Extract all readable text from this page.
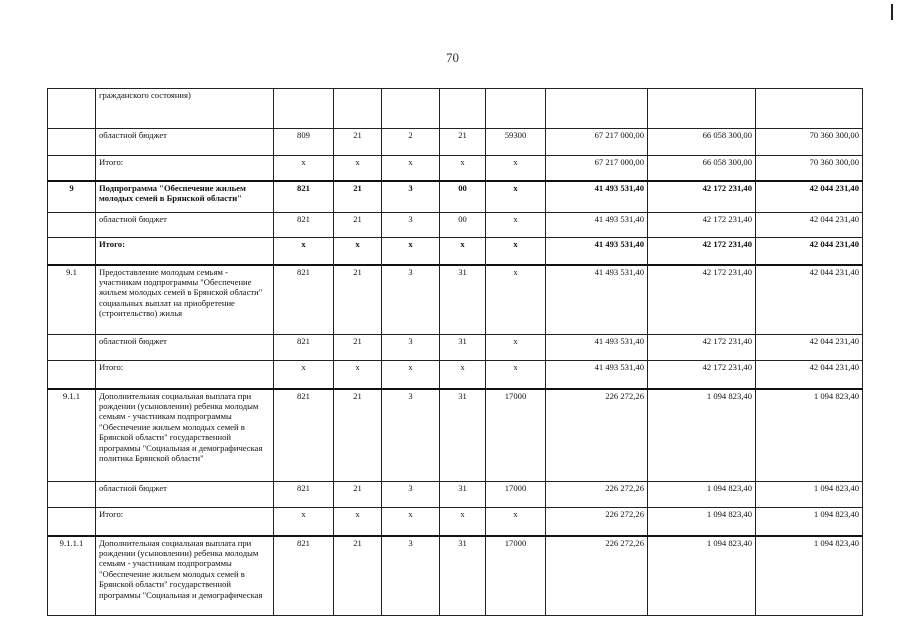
70
	гражданского состояния)								
	областной бюджет	809	21	2	21	59300	67 217 000,00	66 058 300,00	70 360 300,00
	Итого:	x	x	x	x	x	67 217 000,00	66 058 300,00	70 360 300,00
9	Подпрограмма "Обеспечение жильем молодых семей в Брянской области"	821	21	3	00	x	41 493 531,40	42 172 231,40	42 044 231,40
	областной бюджет	821	21	3	00	x	41 493 531,40	42 172 231,40	42 044 231,40
	Итого:	x	x	x	x	x	41 493 531,40	42 172 231,40	42 044 231,40
9.1	Предоставление молодым семьям - участникам подпрограммы "Обеспечение жильем молодых семей в Брянской области" социальных выплат на приобретение (строительство) жилья	821	21	3	31	x	41 493 531,40	42 172 231,40	42 044 231,40
	областной бюджет	821	21	3	31	x	41 493 531,40	42 172 231,40	42 044 231,40
	Итого:	x	x	x	x	x	41 493 531,40	42 172 231,40	42 044 231,40
9.1.1	Дополнительная социальная выплата при рождении (усыновлении) ребенка молодым семьям - участникам подпрограммы "Обеспечение жильем молодых семей в Брянской области" государственной программы "Социальная и демографическая политика Брянской области"	821	21	3	31	17000	226 272,26	1 094 823,40	1 094 823,40
	областной бюджет	821	21	3	31	17000	226 272,26	1 094 823,40	1 094 823,40
	Итого:	x	x	x	x	x	226 272,26	1 094 823,40	1 094 823,40
9.1.1.1	Дополнительная социальная выплата при рождении (усыновлении) ребенка молодым семьям - участникам подпрограммы "Обеспечение жильем молодых семей в Брянской области" государственной программы "Социальная и демографическая	821	21	3	31	17000	226 272,26	1 094 823,40	1 094 823,40
